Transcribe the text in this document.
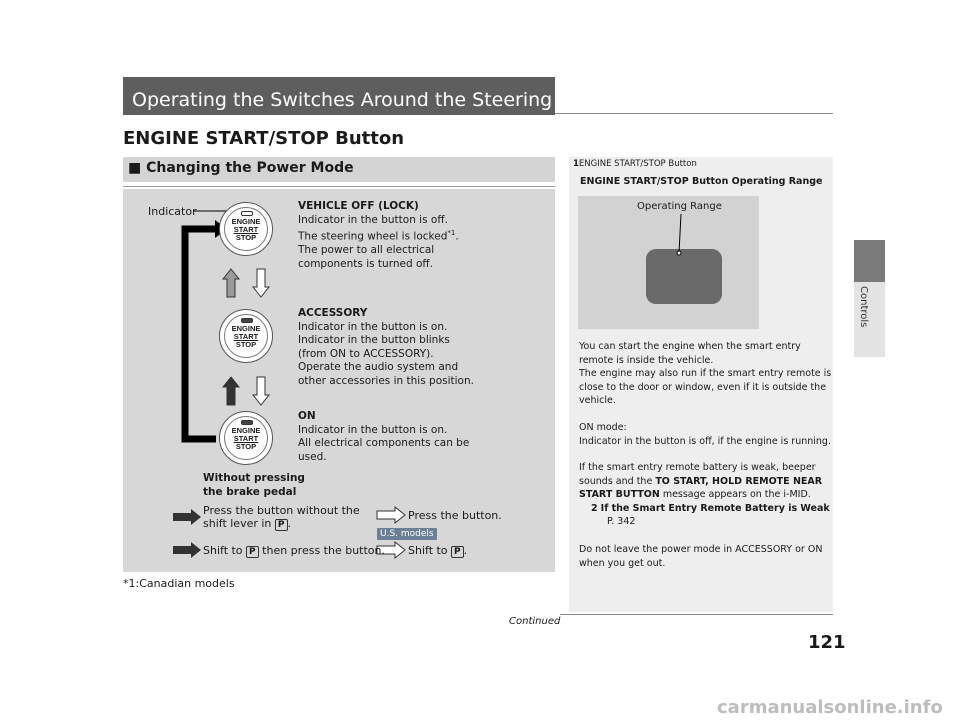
Operating the Switches Around the Steering Wheel
ENGINE START/STOP Button
Controls
■ Changing the Power Mode
Indicator
ENGINE
START
STOP
ENGINE
START
STOP
ENGINE
START
STOP
VEHICLE OFF (LOCK)
Indicator in the button is off.
The steering wheel is locked$^{*1}$.
The power to all electrical
components is turned off.
ACCESSORY
Indicator in the button is on.
Indicator in the button blinks
(from ON to ACCESSORY).
Operate the audio system and
other accessories in this position.
ON
Indicator in the button is on.
All electrical components can be
used.
Without pressing
the brake pedal
Press the button without the
shift lever in P .
Press the button.
U.S. models
Shift to P then press the button. Shift to P .
*1:Canadian models
1ENGINE START/STOP Button
ENGINE START/STOP Button Operating Range
Operating Range
You can start the engine when the smart entry
remote is inside the vehicle.
The engine may also run if the smart entry remote is
close to the door or window, even if it is outside the
vehicle.
ON mode:
Indicator in the button is off, if the engine is running.
If the smart entry remote battery is weak, beeper
sounds and the TO START, HOLD REMOTE NEAR
START BUTTON message appears on the i-MID.
2 If the Smart Entry Remote Battery is Weak
P. 342
Do not leave the power mode in ACCESSORY or ON
when you get out.
Continued
121
carmanualsonline.info
